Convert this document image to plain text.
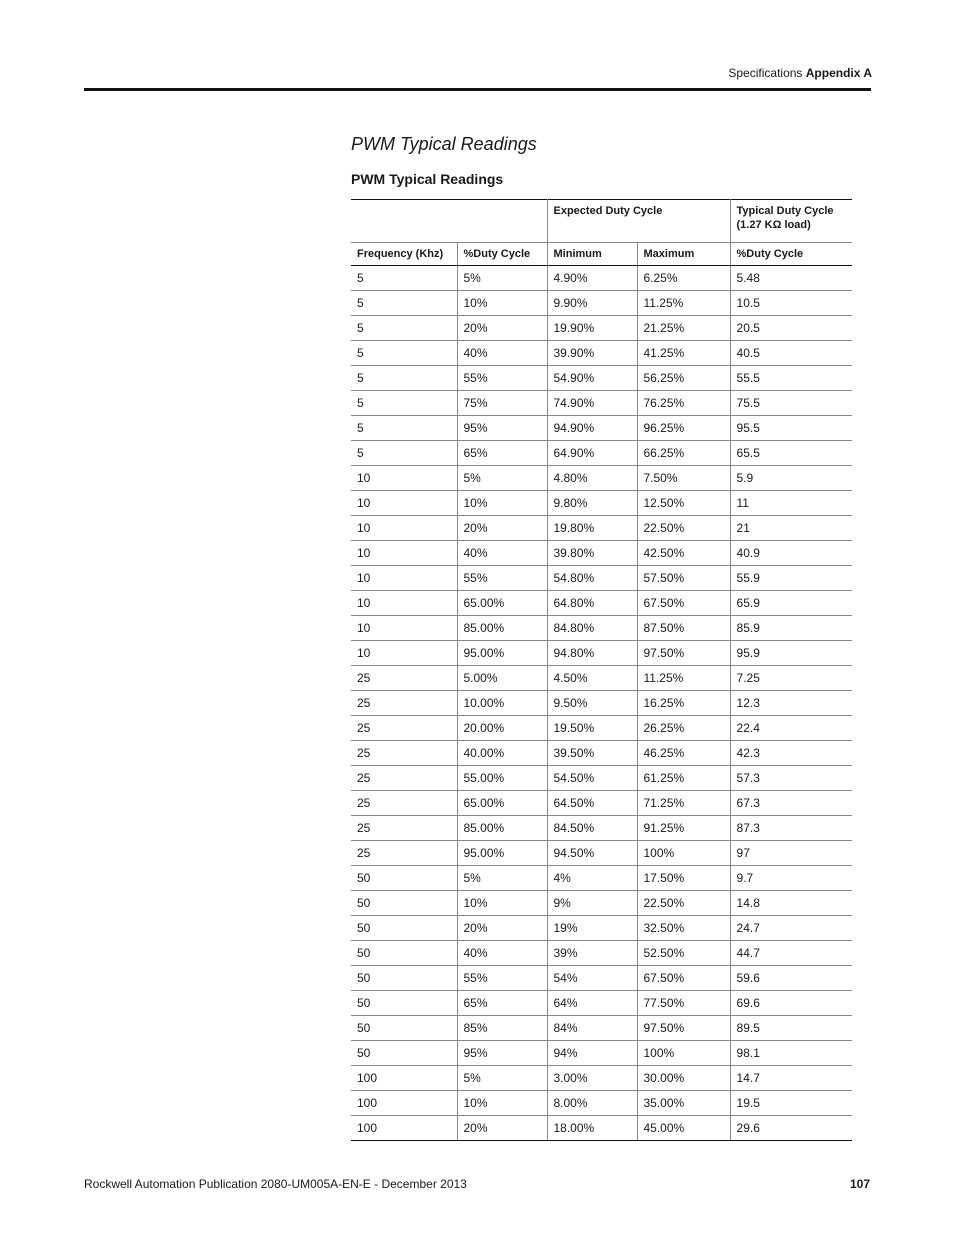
Specifications Appendix A
PWM Typical Readings
PWM Typical Readings
		Expected Duty Cycle		Typical Duty Cycle
(1.27 KΩ load)

Frequency (Khz)	%Duty Cycle	Minimum	Maximum	%Duty Cycle
5	5%	4.90%	6.25%	5.48
5	10%	9.90%	11.25%	10.5
5	20%	19.90%	21.25%	20.5
5	40%	39.90%	41.25%	40.5
5	55%	54.90%	56.25%	55.5
5	75%	74.90%	76.25%	75.5
5	95%	94.90%	96.25%	95.5
5	65%	64.90%	66.25%	65.5
10	5%	4.80%	7.50%	5.9
10	10%	9.80%	12.50%	11
10	20%	19.80%	22.50%	21
10	40%	39.80%	42.50%	40.9
10	55%	54.80%	57.50%	55.9
10	65.00%	64.80%	67.50%	65.9
10	85.00%	84.80%	87.50%	85.9
10	95.00%	94.80%	97.50%	95.9
25	5.00%	4.50%	11.25%	7.25
25	10.00%	9.50%	16.25%	12.3
25	20.00%	19.50%	26.25%	22.4
25	40.00%	39.50%	46.25%	42.3
25	55.00%	54.50%	61.25%	57.3
25	65.00%	64.50%	71.25%	67.3
25	85.00%	84.50%	91.25%	87.3
25	95.00%	94.50%	100%	97
50	5%	4%	17.50%	9.7
50	10%	9%	22.50%	14.8
50	20%	19%	32.50%	24.7
50	40%	39%	52.50%	44.7
50	55%	54%	67.50%	59.6
50	65%	64%	77.50%	69.6
50	85%	84%	97.50%	89.5
50	95%	94%	100%	98.1
100	5%	3.00%	30.00%	14.7
100	10%	8.00%	35.00%	19.5
100	20%	18.00%	45.00%	29.6
Rockwell Automation Publication 2080-UM005A-EN-E - December 2013	107
